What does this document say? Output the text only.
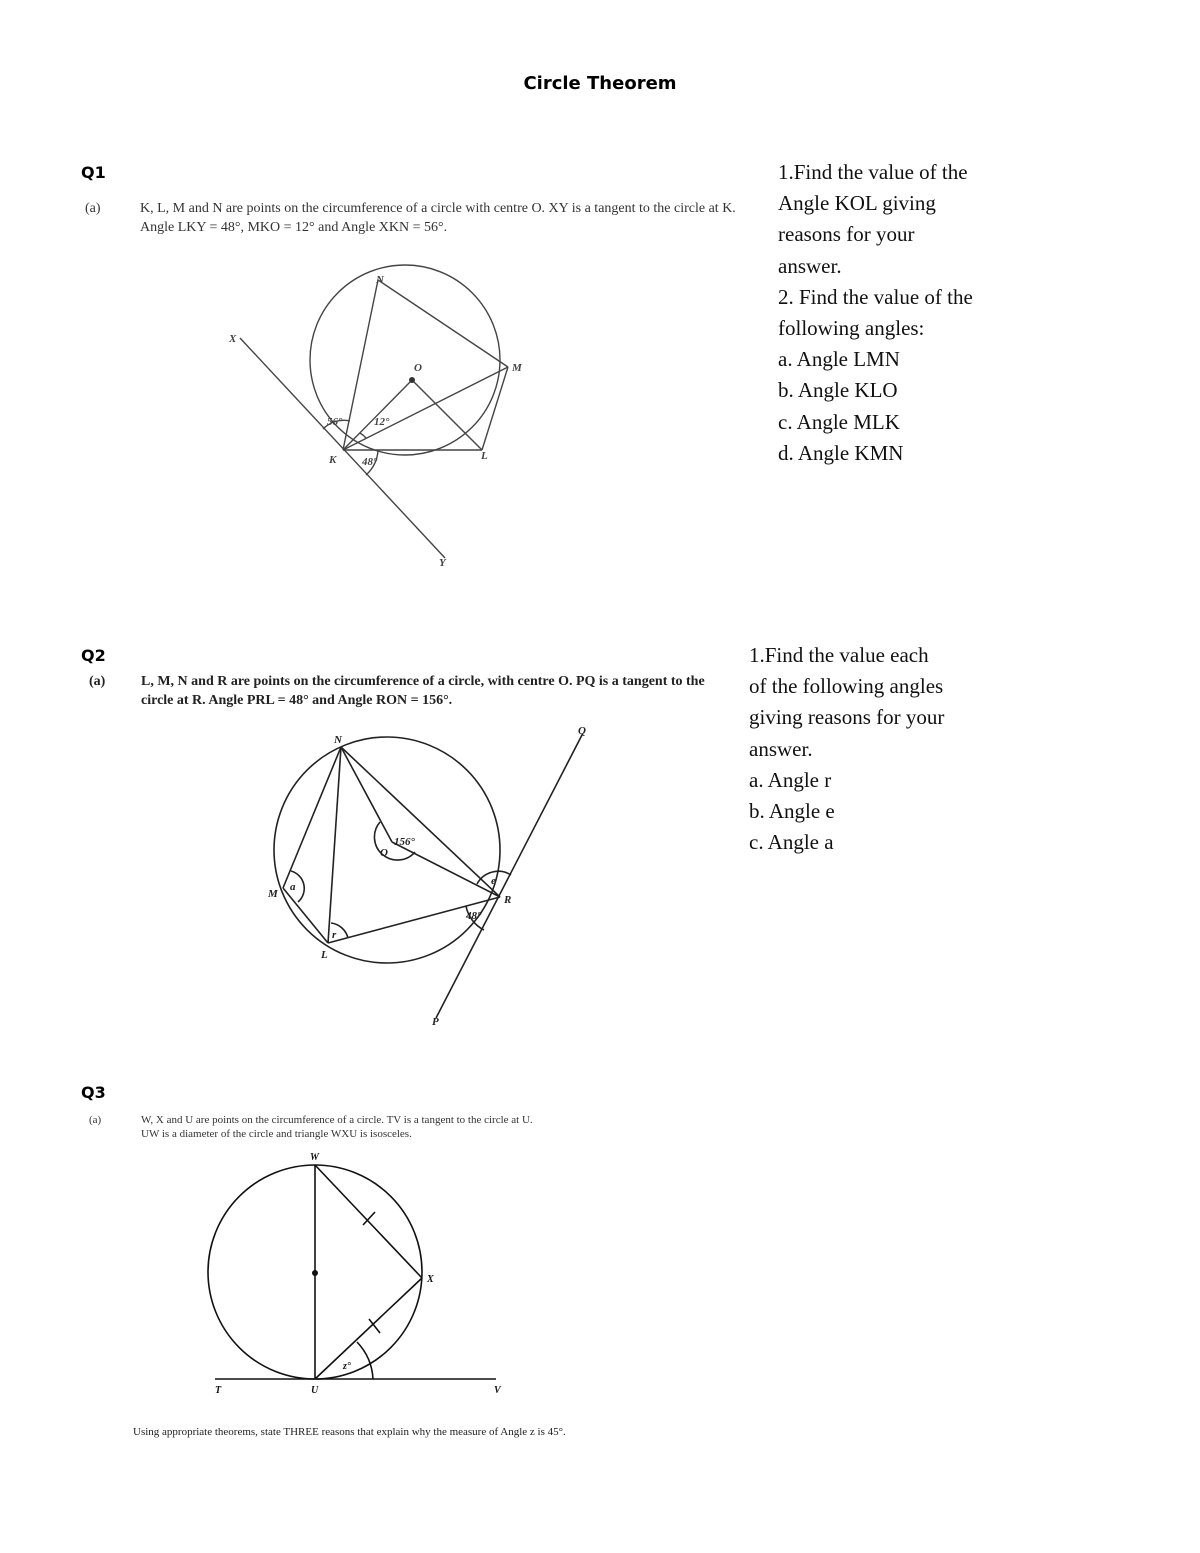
Circle Theorem
Q1
(a)	K, L, M and N are points on the circumference of a circle with centre O. XY is a tangent to the circle at K. Angle LKY = 48°, MKO = 12° and Angle XKN = 56°.
N
M
O
X
K	L
Y
56°	12°
48°
1.Find the value of the
Angle KOL giving
reasons for your
answer.
2. Find the value of the
following angles:
a. Angle LMN
b. Angle KLO
c. Angle MLK
d. Angle KMN
Q2
(a)	L, M, N and R are points on the circumference of a circle, with centre O. PQ is a tangent to the circle at R. Angle PRL = 48° and Angle RON = 156°.
N
Q
O
M	R
L
P
a	e
r
156°
48°
1.Find the value each
of the following angles
giving reasons for your
answer.
a. Angle r
b. Angle e
c. Angle a
Q3
(a)	W, X and U are points on the circumference of a circle. TV is a tangent to the circle at U.
UW is a diameter of the circle and triangle WXU is isosceles.
W
X
T	U	V
z°
Using appropriate theorems, state THREE reasons that explain why the measure of Angle z is 45°.
